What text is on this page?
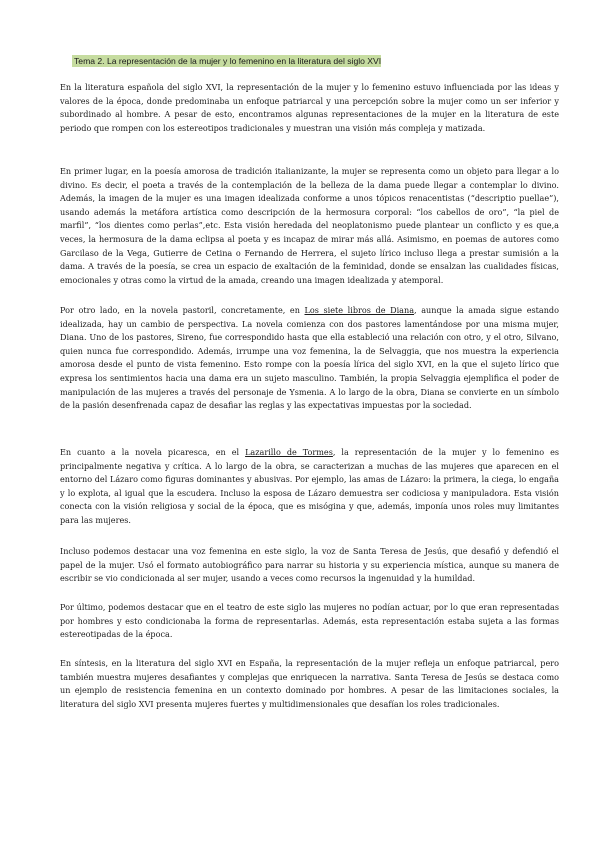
Tema 2. La representación de la mujer y lo femenino en la literatura del siglo XVI

En la literatura española del siglo XVI, la representación de la mujer y lo femenino estuvo influenciada por las ideas y valores de la época, donde predominaba un enfoque patriarcal y una percepción sobre la mujer como un ser inferior y subordinado al hombre. A pesar de esto, encontramos algunas representaciones de la mujer en la literatura de este periodo que rompen con los estereotipos tradicionales y muestran una visión más compleja y matizada.

En primer lugar, en la poesía amorosa de tradición italianizante, la mujer se representa como un objeto para llegar a lo divino. Es decir, el poeta a través de la contemplación de la belleza de la dama puede llegar a contemplar lo divino. Además, la imagen de la mujer es una imagen idealizada conforme a unos tópicos renacentistas (“descriptio puellae”), usando además la metáfora artística como descripción de la hermosura corporal: “los cabellos de oro”, “la piel de marfil”, “los dientes como perlas”,etc. Esta visión heredada del neoplatonismo puede plantear un conflicto y es que,a veces, la hermosura de la dama eclipsa al poeta y es incapaz de mirar más allá. Asimismo, en poemas de autores como Garcilaso de la Vega, Gutierre de Cetina o Fernando de Herrera, el sujeto lírico incluso llega a prestar sumisión a la dama. A través de la poesía, se crea un espacio de exaltación de la feminidad, donde se ensalzan las cualidades físicas, emocionales y otras como la virtud de la amada, creando una imagen idealizada y atemporal.

Por otro lado, en la novela pastoril, concretamente, en Los siete libros de Diana, aunque la amada sigue estando idealizada, hay un cambio de perspectiva. La novela comienza con dos pastores lamentándose por una misma mujer, Diana. Uno de los pastores, Sireno, fue correspondido hasta que ella estableció una relación con otro, y el otro, Silvano, quien nunca fue correspondido. Además, irrumpe una voz femenina, la de Selvaggia, que nos muestra la experiencia amorosa desde el punto de vista femenino. Esto rompe con la poesía lírica del siglo XVI, en la que el sujeto lírico que expresa los sentimientos hacia una dama era un sujeto masculino. También, la propia Selvaggia ejemplifica el poder de manipulación de las mujeres a través del personaje de Ysmenia. A lo largo de la obra, Diana se convierte en un símbolo de la pasión desenfrenada capaz de desafiar las reglas y las expectativas impuestas por la sociedad.

En cuanto a la novela picaresca, en el Lazarillo de Tormes, la representación de la mujer y lo femenino es principalmente negativa y crítica. A lo largo de la obra, se caracterizan a muchas de las mujeres que aparecen en el entorno del Lázaro como figuras dominantes y abusivas. Por ejemplo, las amas de Lázaro: la primera, la ciega, lo engaña y lo explota, al igual que la escudera. Incluso la esposa de Lázaro demuestra ser codiciosa y manipuladora. Esta visión conecta con la visión religiosa y social de la época, que es misógina y que, además, imponía unos roles muy limitantes para las mujeres.

Incluso podemos destacar una voz femenina en este siglo, la voz de Santa Teresa de Jesús, que desafió y defendió el papel de la mujer. Usó el formato autobiográfico para narrar su historia y su experiencia mística, aunque su manera de escribir se vio condicionada al ser mujer, usando a veces como recursos la ingenuidad y la humildad.

Por último, podemos destacar que en el teatro de este siglo las mujeres no podían actuar, por lo que eran representadas por hombres y esto condicionaba la forma de representarlas. Además, esta representación estaba sujeta a las formas estereotipadas de la época.

En síntesis, en la literatura del siglo XVI en España, la representación de la mujer refleja un enfoque patriarcal, pero también muestra mujeres desafiantes y complejas que enriquecen la narrativa. Santa Teresa de Jesús se destaca como un ejemplo de resistencia femenina en un contexto dominado por hombres. A pesar de las limitaciones sociales, la literatura del siglo XVI presenta mujeres fuertes y multidimensionales que desafían los roles tradicionales.
